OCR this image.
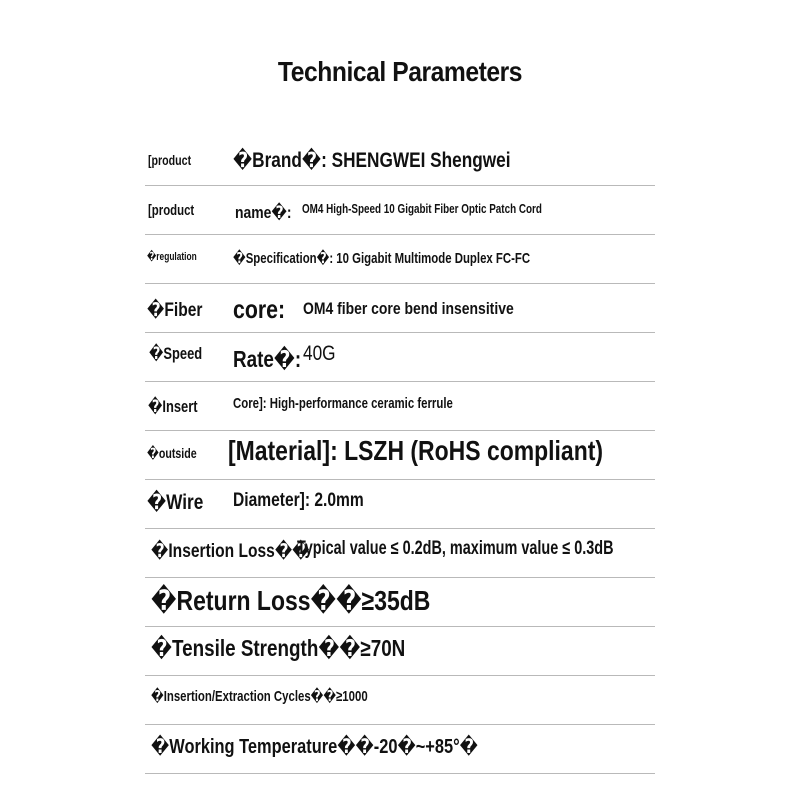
Technical Parameters
[product �Brand�: SHENGWEI Shengwei
[product name�: OM4 High-Speed 10 Gigabit Fiber Optic Patch Cord
�regulation �Specification�: 10 Gigabit Multimode Duplex FC-FC
�Fiber core: OM4 fiber core bend insensitive
�Speed Rate�: 40G
�Insert Core]: High-performance ceramic ferrule
�outside [Material]: LSZH (RoHS compliant)
�Wire Diameter]: 2.0mm
�Insertion Loss��
Typical value ≤ 0.2dB, maximum value ≤ 0.3dB
�Return Loss��≥35dB
�Tensile Strength��≥70N
�Insertion/Extraction Cycles��≥1000
�Working Temperature��-20�~+85°�
